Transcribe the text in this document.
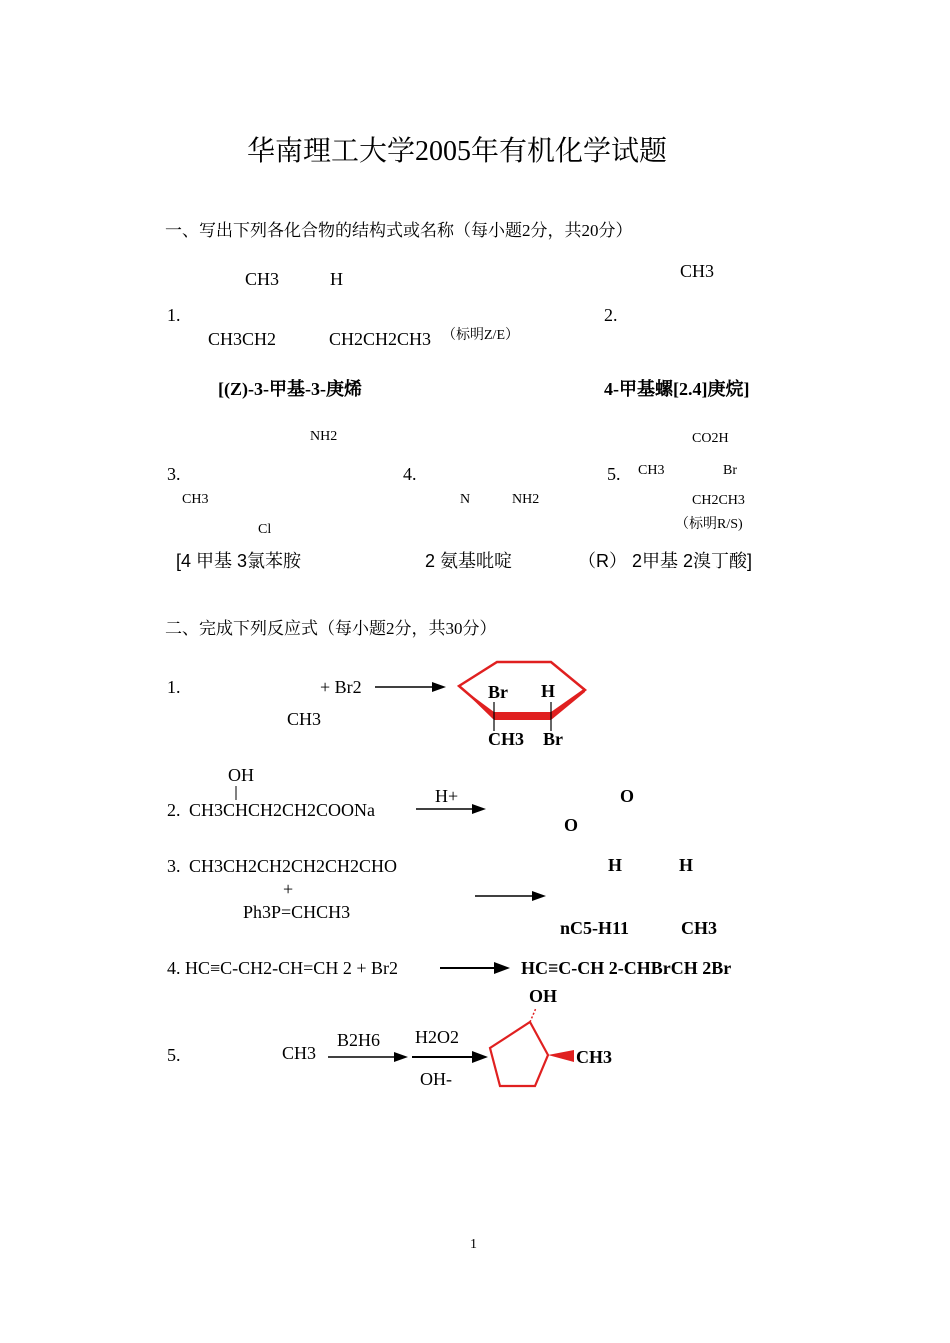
华南理工大学2005年有机化学试题
一、写出下列各化合物的结构式或名称（每小题2分，共20分）
1.
CH3	H
CH3CH2	CH2CH2CH3 （标明Z/E）
[(Z)-3-甲基-3-庚烯
2.
CH3
4-甲基螺[2.4]庚烷]
3.
NH2
CH3
Cl
[4 甲基 3氯苯胺
4.
N	NH2
2 氨基吡啶
5.
CO2H
CH3	Br
CH2CH3
（标明R/S)
（R） 2甲基 2溴丁酸]
二、完成下列反应式（每小题2分，共30分）
1.	+ Br2
CH3
Br H
CH3 Br
OH
2. CH3CHCH2CH2COONa
H+	O
O
3. CH3CH2CH2CH2CH2CHO
+
Ph3P=CHCH3
H	H
nC5-H11	CH3
4. HC≡C-CH2-CH=CH 2 + Br2	HC≡C-CH 2-CHBrCH 2Br
5.	CH3
B2H6 H2O2
OH-
OH
CH3
1
